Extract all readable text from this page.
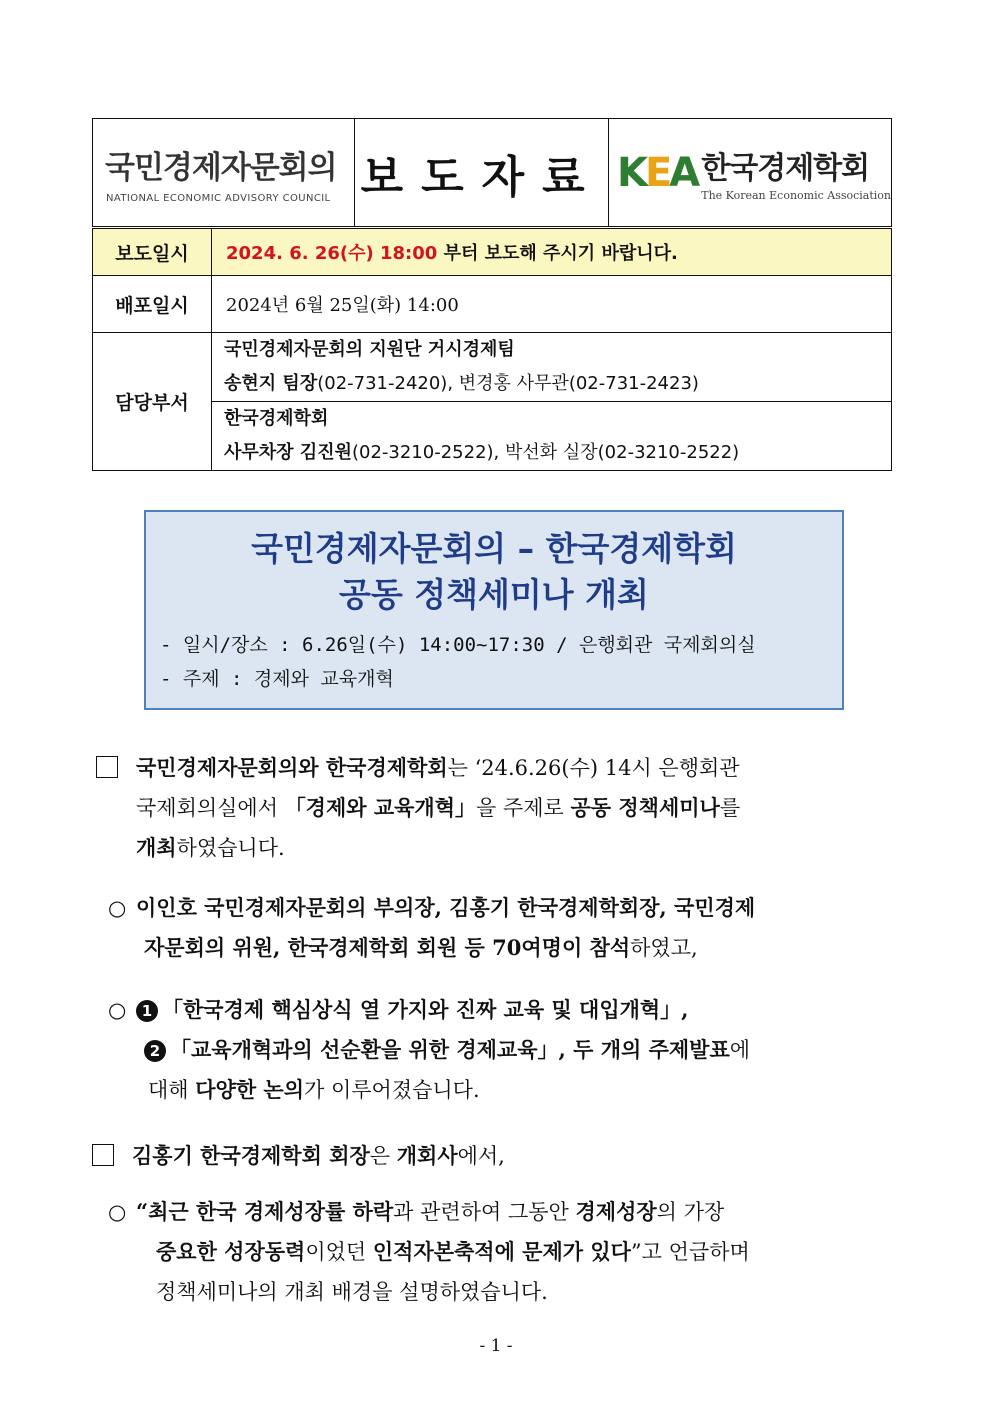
국민경제자문회의
NATIONAL ECONOMIC ADVISORY COUNCIL	보도자료	KEA 한국경제학회
The Korean Economic Association
보도일시	2024. 6. 26(수) 18:00 부터 보도해 주시기 바랍니다.
배포일시	2024년 6월 25일(화) 14:00
담당부서	국민경제자문회의 지원단 거시경제팀
송현지 팀장(02-731-2420), 변경홍 사무관(02-731-2423)

	한국경제학회
사무차장 김진원(02-3210-2522), 박선화 실장(02-3210-2522)
국민경제자문회의 – 한국경제학회
공동 정책세미나 개최
- 일시/장소 : 6.26일(수) 14:00~17:30 / 은행회관 국제회의실
- 주제 : 경제와 교육개혁
국민경제자문회의와 한국경제학회는 ‘24.6.26(수) 14시 은행회관
국제회의실에서 「경제와 교육개혁」을 주제로 공동 정책세미나를
개최하였습니다.
○ 이인호 국민경제자문회의 부의장, 김홍기 한국경제학회장, 국민경제
자문회의 위원, 한국경제학회 회원 등 70여명이 참석하였고,
○ 1 「한국경제 핵심상식 열 가지와 진짜 교육 및 대입개혁」,
2 「교육개혁과의 선순환을 위한 경제교육」, 두 개의 주제발표에
대해 다양한 논의가 이루어졌습니다.
김홍기 한국경제학회 회장은 개회사에서,
○ “최근 한국 경제성장률 하락과 관련하여 그동안 경제성장의 가장
중요한 성장동력이었던 인적자본축적에 문제가 있다”고 언급하며
정책세미나의 개최 배경을 설명하였습니다.
- 1 -
